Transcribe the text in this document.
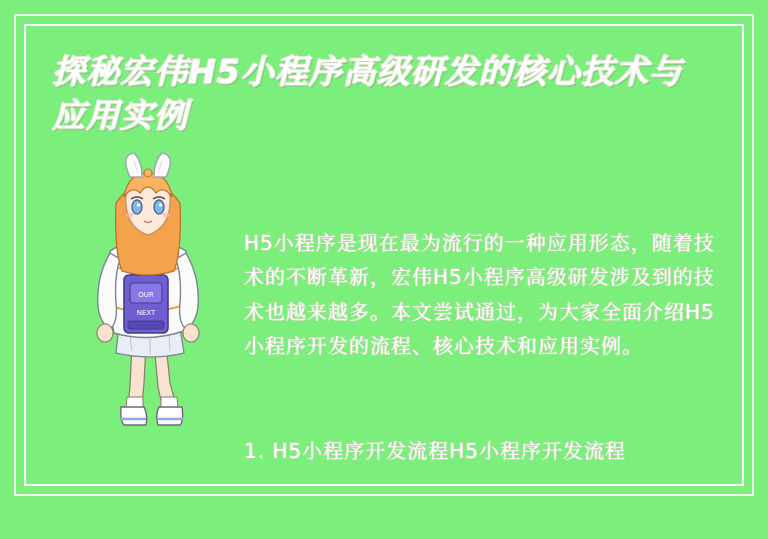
探秘宏伟H5小程序高级研发的核心技术与应用实例
OUR
NEXT

H5小程序是现在最为流行的一种应用形态，随着技术的不断革新，宏伟H5小程序高级研发涉及到的技术也越来越多。本文尝试通过，为大家全面介绍H5小程序开发的流程、核心技术和应用实例。

1. H5小程序开发流程H5小程序开发流程
